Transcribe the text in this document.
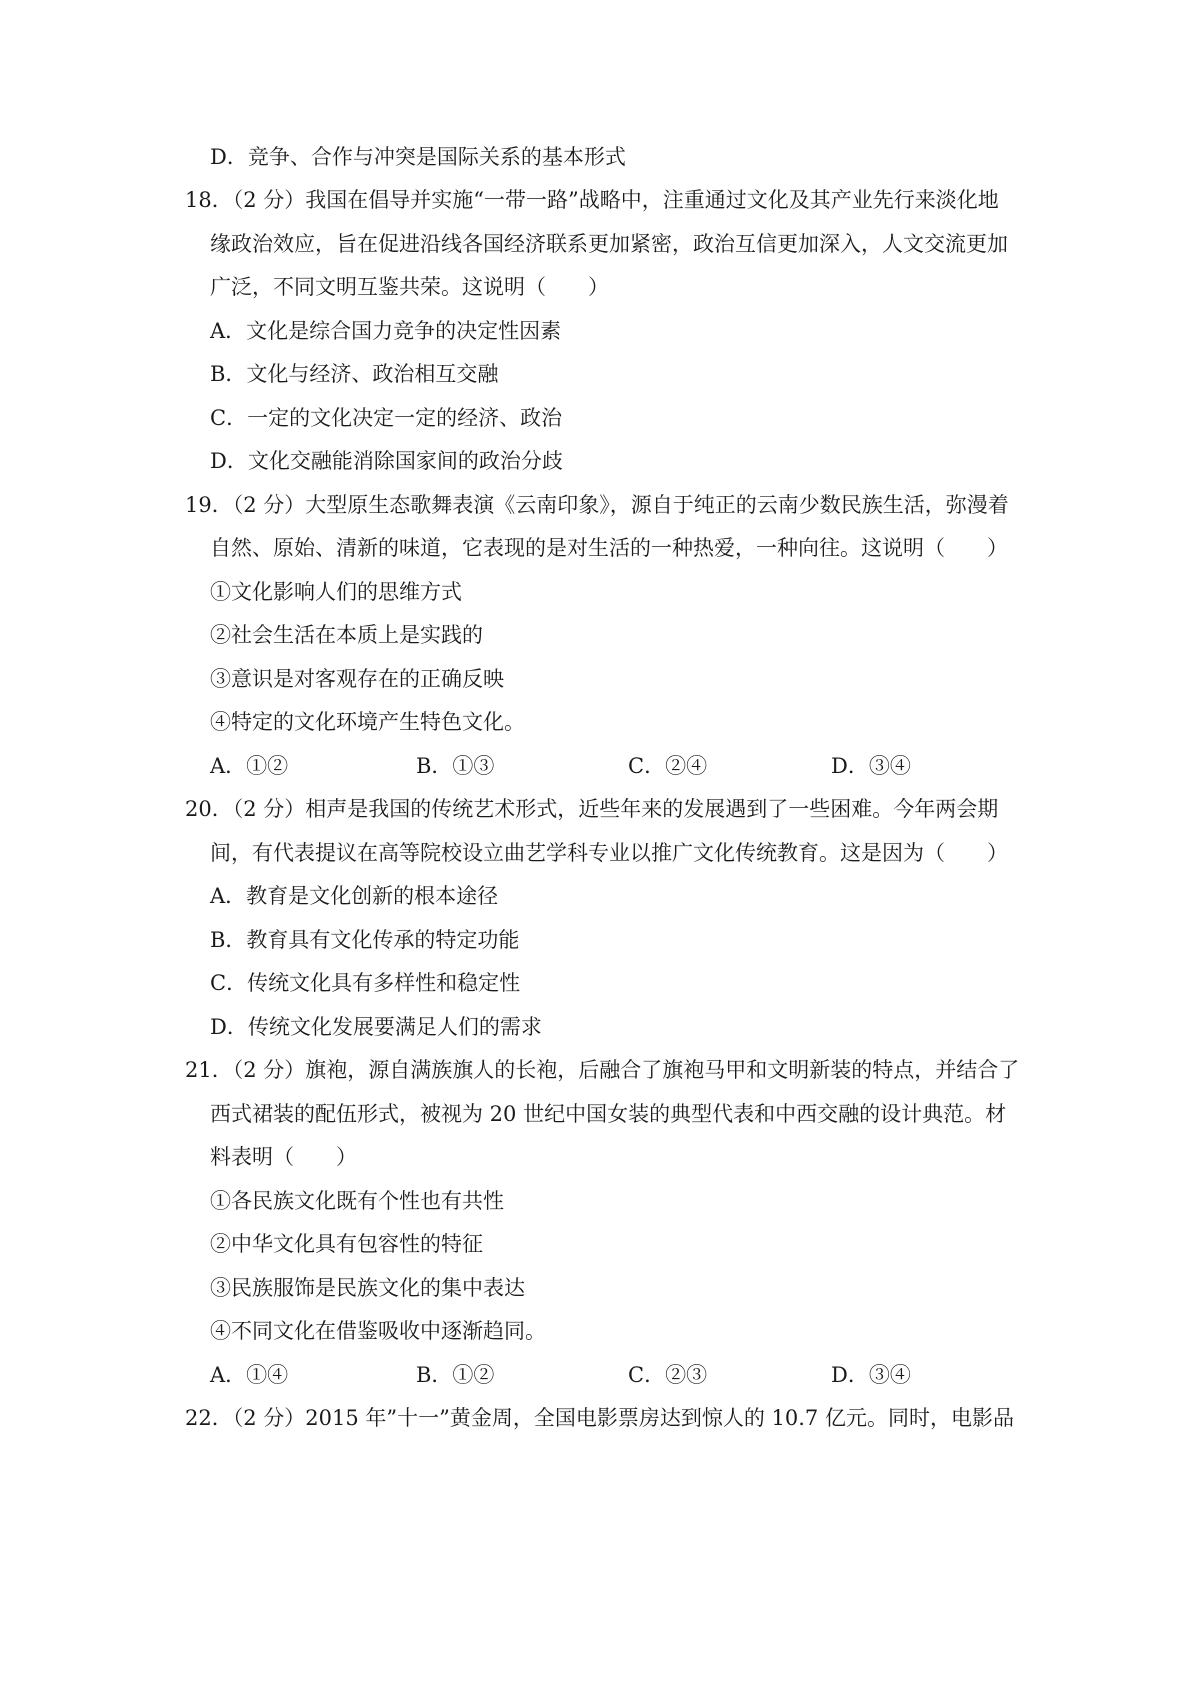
D．竞争、合作与冲突是国际关系的基本形式
18．（2 分）我国在倡导并实施“一带一路”战略中，注重通过文化及其产业先行来淡化地
缘政治效应，旨在促进沿线各国经济联系更加紧密，政治互信更加深入，人文交流更加
广泛，不同文明互鉴共荣。这说明（　　）
A．文化是综合国力竞争的决定性因素
B．文化与经济、政治相互交融
C．一定的文化决定一定的经济、政治
D．文化交融能消除国家间的政治分歧
19．（2 分）大型原生态歌舞表演《云南印象》，源自于纯正的云南少数民族生活，弥漫着
自然、原始、清新的味道，它表现的是对生活的一种热爱，一种向往。这说明（　　）
①文化影响人们的思维方式
②社会生活在本质上是实践的
③意识是对客观存在的正确反映
④特定的文化环境产生特色文化。
A．①②	B．①③	C．②④	D．③④
20．（2 分）相声是我国的传统艺术形式，近些年来的发展遇到了一些困难。今年两会期
间，有代表提议在高等院校设立曲艺学科专业以推广文化传统教育。这是因为（　　）
A．教育是文化创新的根本途径
B．教育具有文化传承的特定功能
C．传统文化具有多样性和稳定性
D．传统文化发展要满足人们的需求
21．（2 分）旗袍，源自满族旗人的长袍，后融合了旗袍马甲和文明新装的特点，并结合了
西式裙装的配伍形式，被视为 20 世纪中国女装的典型代表和中西交融的设计典范。材
料表明（　　）
①各民族文化既有个性也有共性
②中华文化具有包容性的特征
③民族服饰是民族文化的集中表达
④不同文化在借鉴吸收中逐渐趋同。
A．①④	B．①②	C．②③	D．③④
22．（2 分）2015 年”十一”黄金周，全国电影票房达到惊人的 10.7 亿元。同时，电影品
